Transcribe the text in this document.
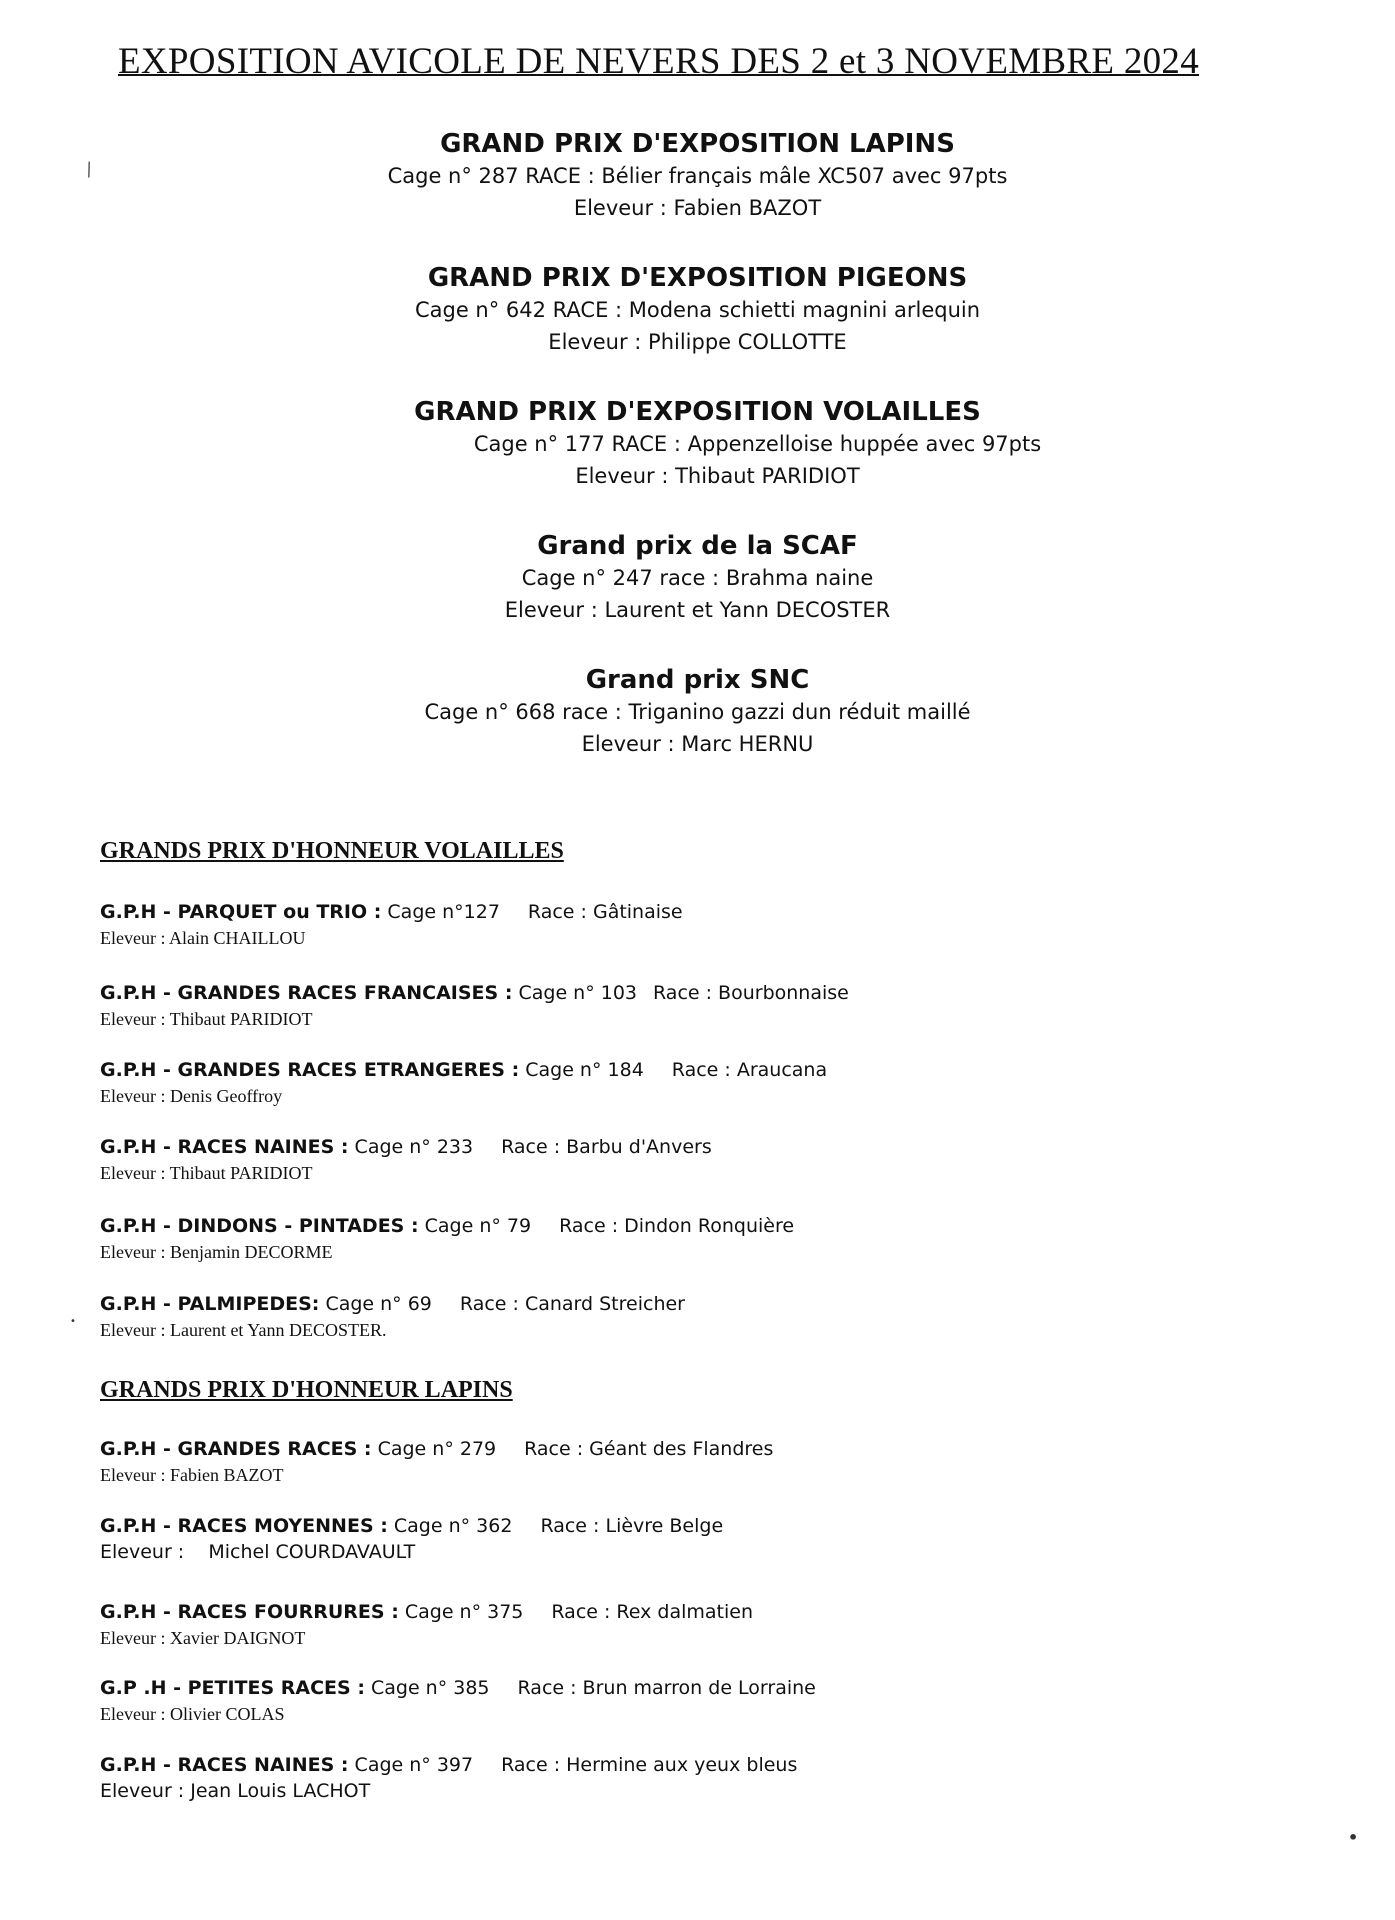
EXPOSITION AVICOLE DE NEVERS DES 2 et 3 NOVEMBRE 2024
GRAND PRIX D'EXPOSITION LAPINS
Cage n° 287 RACE : Bélier français mâle XC507 avec 97pts
Eleveur : Fabien BAZOT
GRAND PRIX D'EXPOSITION PIGEONS
Cage n° 642 RACE : Modena schietti magnini arlequin
Eleveur : Philippe COLLOTTE
GRAND PRIX D'EXPOSITION VOLAILLES
Cage n° 177 RACE : Appenzelloise huppée avec 97pts
Eleveur : Thibaut PARIDIOT
Grand prix de la SCAF
Cage n° 247 race : Brahma naine
Eleveur : Laurent et Yann DECOSTER
Grand prix SNC
Cage n° 668 race : Triganino gazzi dun réduit maillé
Eleveur : Marc HERNU
GRANDS PRIX D'HONNEUR VOLAILLES
G.P.H - PARQUET ou TRIO : Cage n°127 Race : Gâtinaise
Eleveur : Alain CHAILLOU
G.P.H - GRANDES RACES FRANCAISES : Cage n° 103 Race : Bourbonnaise
Eleveur : Thibaut PARIDIOT
G.P.H - GRANDES RACES ETRANGERES : Cage n° 184 Race : Araucana
Eleveur : Denis Geoffroy
G.P.H - RACES NAINES : Cage n° 233 Race : Barbu d'Anvers
Eleveur : Thibaut PARIDIOT
G.P.H - DINDONS - PINTADES : Cage n° 79 Race : Dindon Ronquière
Eleveur : Benjamin DECORME
G.P.H - PALMIPEDES: Cage n° 69 Race : Canard Streicher
Eleveur : Laurent et Yann DECOSTER.
GRANDS PRIX D'HONNEUR LAPINS
G.P.H - GRANDES RACES : Cage n° 279 Race : Géant des Flandres
Eleveur : Fabien BAZOT
G.P.H - RACES MOYENNES : Cage n° 362 Race : Lièvre Belge
Eleveur :    Michel COURDAVAULT
G.P.H - RACES FOURRURES : Cage n° 375 Race : Rex dalmatien
Eleveur : Xavier DAIGNOT
G.P .H - PETITES RACES : Cage n° 385 Race : Brun marron de Lorraine
Eleveur : Olivier COLAS
G.P.H - RACES NAINES : Cage n° 397 Race : Hermine aux yeux bleus
Eleveur : Jean Louis LACHOT
⁄
•
•
